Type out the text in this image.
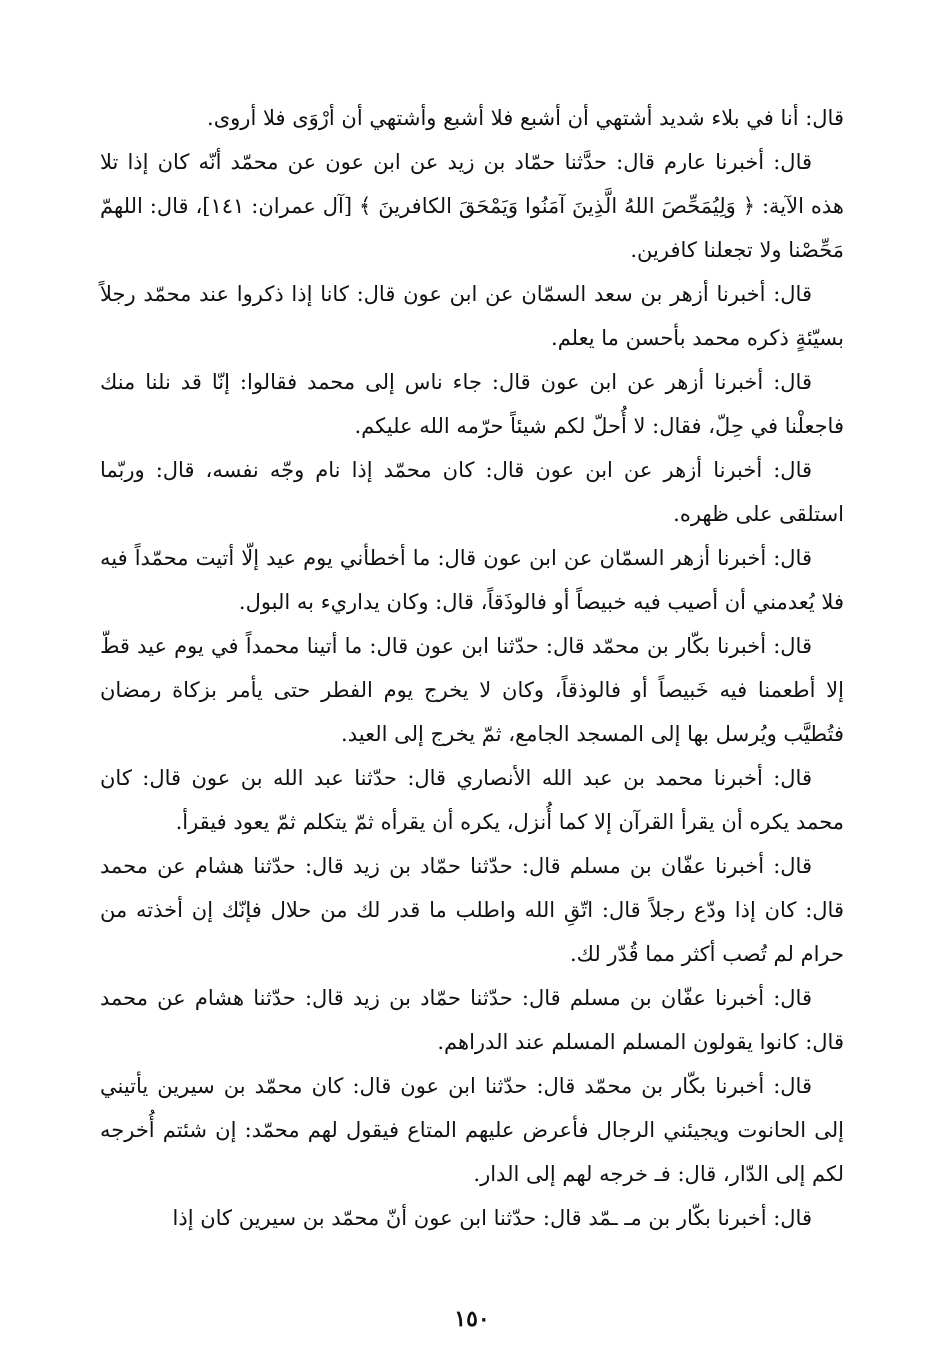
قال: أنا في بلاء شديد أشتهي أن أشبع فلا أشبع وأشتهي أن أرْوَى فلا أروى.

قال: أخبرنا عارم قال: حدَّثنا حمّاد بن زيد عن ابن عون عن محمّد أنّه كان إذا تلا هذه الآية: ﴿ وَلِيُمَحِّصَ اللهُ الَّذِينَ آمَنُوا وَيَمْحَقَ الكافرينَ ﴾ [آل عمران: ١٤١]، قال: اللهمّ مَحِّصْنا ولا تجعلنا كافرين.

قال: أخبرنا أزهر بن سعد السمّان عن ابن عون قال: كانا إذا ذكروا عند محمّد رجلاً بسيّئةٍ ذكره محمد بأحسن ما يعلم.

قال: أخبرنا أزهر عن ابن عون قال: جاء ناس إلى محمد فقالوا: إنّا قد نلنا منك فاجعلْنا في حِلّ، فقال: لا أُحلّ لكم شيئاً حرّمه الله عليكم.

قال: أخبرنا أزهر عن ابن عون قال: كان محمّد إذا نام وجّه نفسه، قال: وربّما استلقى على ظهره.

قال: أخبرنا أزهر السمّان عن ابن عون قال: ما أخطأني يوم عيد إلّا أتيت محمّداً فيه فلا يُعدمني أن أصيب فيه خبيصاً أو فالوذَقاً، قال: وكان يداريء به البول.

قال: أخبرنا بكّار بن محمّد قال: حدّثنا ابن عون قال: ما أتينا محمداً في يوم عيد قطّ إلا أطعمنا فيه خَبيصاً أو فالوذقاً، وكان لا يخرج يوم الفطر حتى يأمر بزكاة رمضان فتُطيَّب ويُرسل بها إلى المسجد الجامع، ثمّ يخرج إلى العيد.

قال: أخبرنا محمد بن عبد الله الأنصاري قال: حدّثنا عبد الله بن عون قال: كان محمد يكره أن يقرأ القرآن إلا كما أُنزل، يكره أن يقرأه ثمّ يتكلم ثمّ يعود فيقرأ.

قال: أخبرنا عفّان بن مسلم قال: حدّثنا حمّاد بن زيد قال: حدّثنا هشام عن محمد قال: كان إذا ودّع رجلاً قال: اتّقِ الله واطلب ما قدر لك من حلال فإنّك إن أخذته من حرام لم تُصب أكثر مما قُدّر لك.

قال: أخبرنا عفّان بن مسلم قال: حدّثنا حمّاد بن زيد قال: حدّثنا هشام عن محمد قال: كانوا يقولون المسلم المسلم عند الدراهم.

قال: أخبرنا بكّار بن محمّد قال: حدّثنا ابن عون قال: كان محمّد بن سيرين يأتيني إلى الحانوت ويجيئني الرجال فأعرض عليهم المتاع فيقول لهم محمّد: إن شئتم أُخرجه لكم إلى الدّار، قال: فـ خرجه لهم إلى الدار.

قال: أخبرنا بكّار بن مـ ـمّد قال: حدّثنا ابن عون أنّ محمّد بن سيرين كان إذا

١٥٠
